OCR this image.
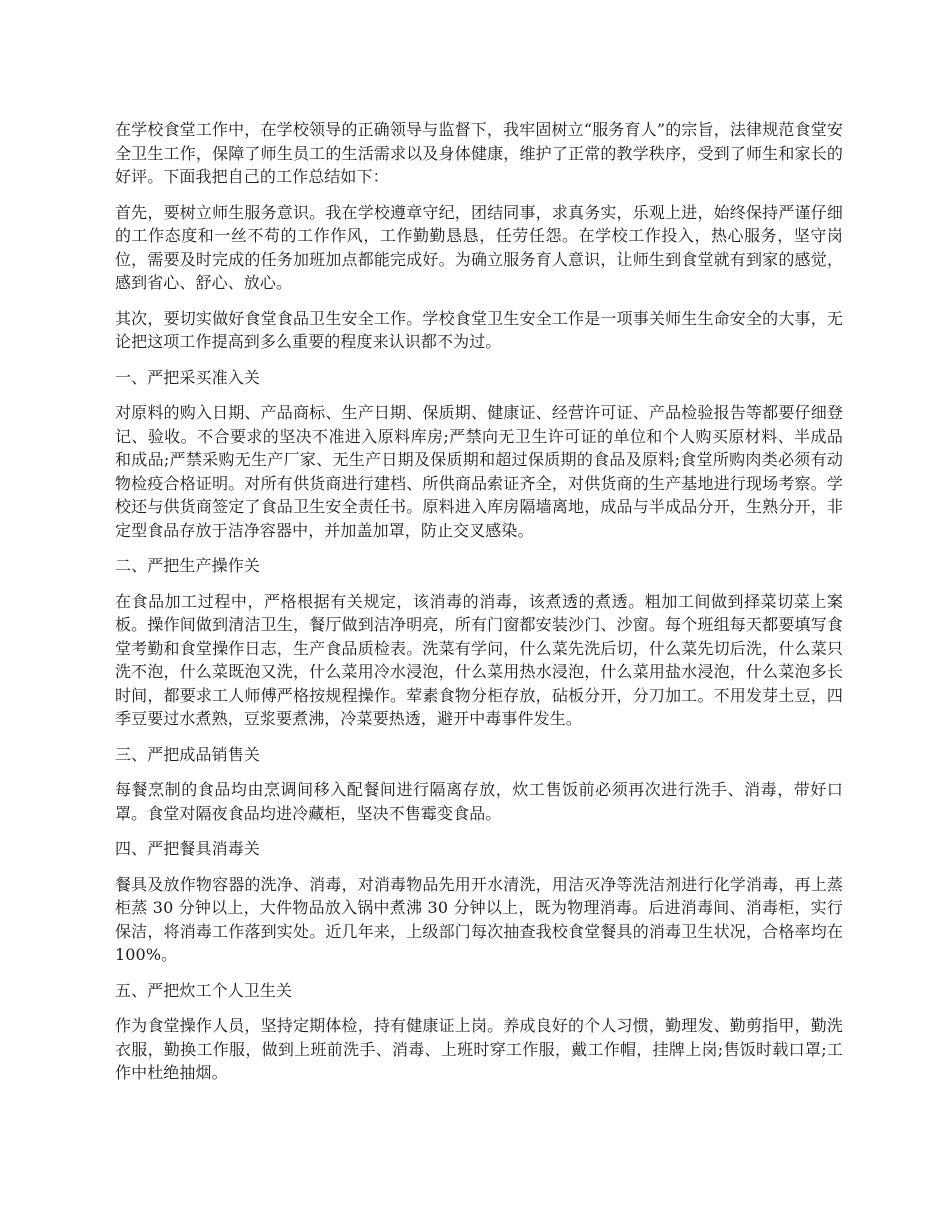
在学校食堂工作中，在学校领导的正确领导与监督下，我牢固树立“服务育人”的宗旨，法律规范食堂安全卫生工作，保障了师生员工的生活需求以及身体健康，维护了正常的教学秩序，受到了师生和家长的好评。下面我把自己的工作总结如下：

首先，要树立师生服务意识。我在学校遵章守纪，团结同事，求真务实，乐观上进，始终保持严谨仔细的工作态度和一丝不苟的工作作风，工作勤勤恳恳，任劳任怨。在学校工作投入，热心服务，坚守岗位，需要及时完成的任务加班加点都能完成好。为确立服务育人意识，让师生到食堂就有到家的感觉，感到省心、舒心、放心。

其次，要切实做好食堂食品卫生安全工作。学校食堂卫生安全工作是一项事关师生生命安全的大事，无论把这项工作提高到多么重要的程度来认识都不为过。

一、严把采买准入关

对原料的购入日期、产品商标、生产日期、保质期、健康证、经营许可证、产品检验报告等都要仔细登记、验收。不合要求的坚决不准进入原料库房;严禁向无卫生许可证的单位和个人购买原材料、半成品和成品;严禁采购无生产厂家、无生产日期及保质期和超过保质期的食品及原料;食堂所购肉类必须有动物检疫合格证明。对所有供货商进行建档、所供商品索证齐全，对供货商的生产基地进行现场考察。学校还与供货商签定了食品卫生安全责任书。原料进入库房隔墙离地，成品与半成品分开，生熟分开，非定型食品存放于洁净容器中，并加盖加罩，防止交叉感染。

二、严把生产操作关

在食品加工过程中，严格根据有关规定，该消毒的消毒，该煮透的煮透。粗加工间做到择菜切菜上案板。操作间做到清洁卫生，餐厅做到洁净明亮，所有门窗都安装沙门、沙窗。每个班组每天都要填写食堂考勤和食堂操作日志，生产食品质检表。洗菜有学问，什么菜先洗后切，什么菜先切后洗，什么菜只洗不泡，什么菜既泡又洗，什么菜用冷水浸泡，什么菜用热水浸泡，什么菜用盐水浸泡，什么菜泡多长时间，都要求工人师傅严格按规程操作。荤素食物分柜存放，砧板分开，分刀加工。不用发芽土豆，四季豆要过水煮熟，豆浆要煮沸，冷菜要热透，避开中毒事件发生。

三、严把成品销售关

每餐烹制的食品均由烹调间移入配餐间进行隔离存放，炊工售饭前必须再次进行洗手、消毒，带好口罩。食堂对隔夜食品均进冷藏柜，坚决不售霉变食品。

四、严把餐具消毒关

餐具及放作物容器的洗净、消毒，对消毒物品先用开水清洗，用洁灭净等洗洁剂进行化学消毒，再上蒸柜蒸 30 分钟以上，大件物品放入锅中煮沸 30 分钟以上，既为物理消毒。后进消毒间、消毒柜，实行保洁，将消毒工作落到实处。近几年来，上级部门每次抽查我校食堂餐具的消毒卫生状况，合格率均在 100%。

五、严把炊工个人卫生关

作为食堂操作人员，坚持定期体检，持有健康证上岗。养成良好的个人习惯，勤理发、勤剪指甲，勤洗衣服，勤换工作服，做到上班前洗手、消毒、上班时穿工作服，戴工作帽，挂牌上岗;售饭时载口罩;工作中杜绝抽烟。
